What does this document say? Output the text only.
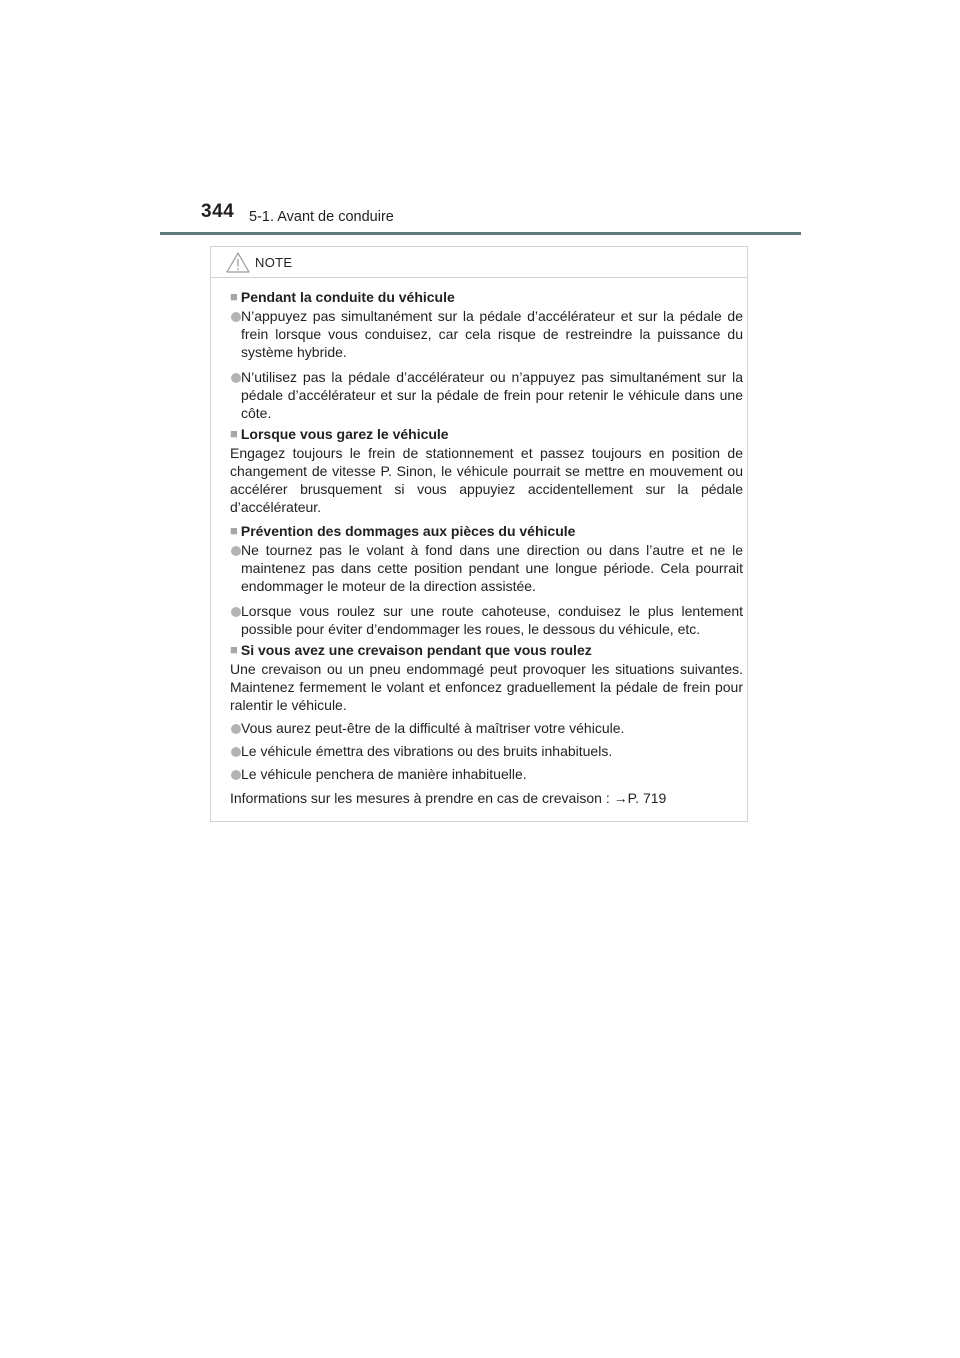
344 5-1. Avant de conduire
NOTE
■ Pendant la conduite du véhicule
N’appuyez pas simultanément sur la pédale d’accélérateur et sur la pédale de frein lorsque vous conduisez, car cela risque de restreindre la puissance du système hybride.
N’utilisez pas la pédale d’accélérateur ou n’appuyez pas simultanément sur la pédale d’accélérateur et sur la pédale de frein pour retenir le véhicule dans une côte.
■ Lorsque vous garez le véhicule
Engagez toujours le frein de stationnement et passez toujours en position de changement de vitesse P. Sinon, le véhicule pourrait se mettre en mouvement ou accélérer brusquement si vous appuyiez accidentellement sur la pédale d’accélérateur.
■ Prévention des dommages aux pièces du véhicule
Ne tournez pas le volant à fond dans une direction ou dans l’autre et ne le maintenez pas dans cette position pendant une longue période. Cela pourrait endommager le moteur de la direction assistée.
Lorsque vous roulez sur une route cahoteuse, conduisez le plus lentement possible pour éviter d’endommager les roues, le dessous du véhicule, etc.
■ Si vous avez une crevaison pendant que vous roulez
Une crevaison ou un pneu endommagé peut provoquer les situations suivantes. Maintenez fermement le volant et enfoncez graduellement la pédale de frein pour ralentir le véhicule.
Vous aurez peut-être de la difficulté à maîtriser votre véhicule.
Le véhicule émettra des vibrations ou des bruits inhabituels.
Le véhicule penchera de manière inhabituelle.
Informations sur les mesures à prendre en cas de crevaison : →P. 719
